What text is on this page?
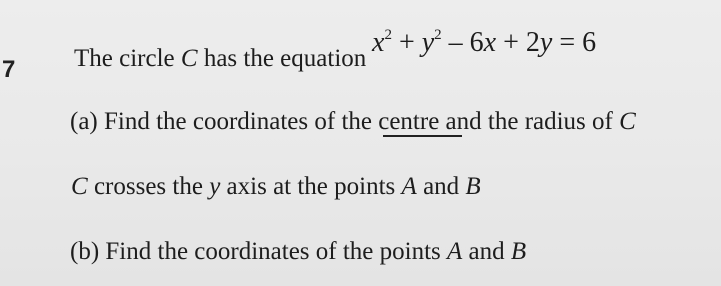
7 The circle C has the equation
$x^2 + y^2 - 6x + 2y = 6$
(a) Find the coordinates of the centre and the radius of C
C crosses the y axis at the points A and B
(b) Find the coordinates of the points A and B
